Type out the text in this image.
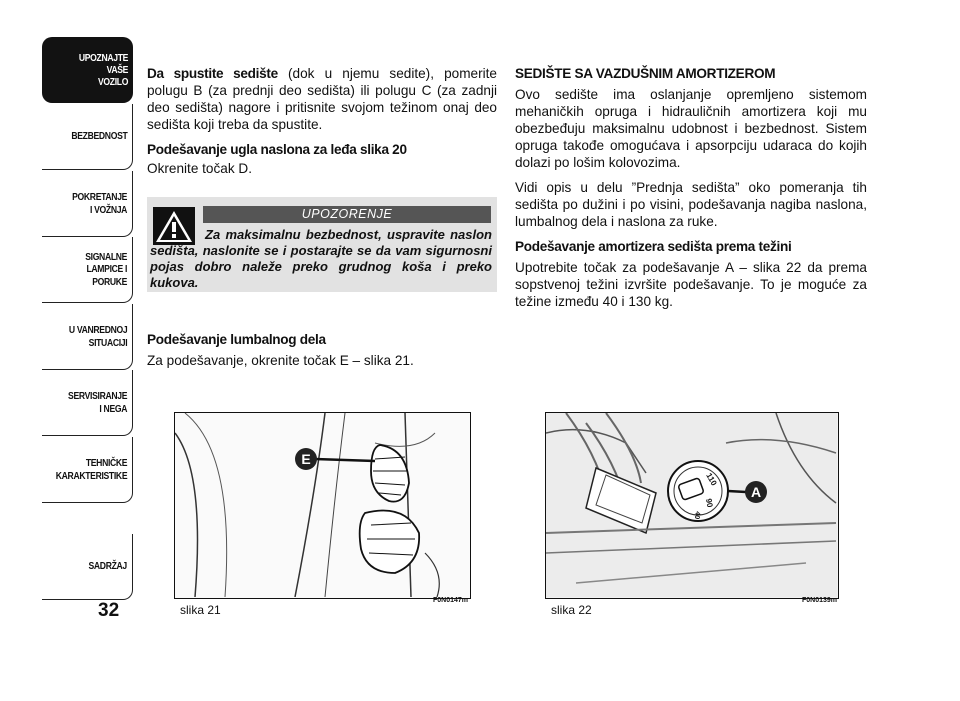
UPOZNAJTE
VAŠE
VOZILO
BEZBEDNOST
POKRETANJE
I VOŽNJA
SIGNALNE
LAMPICE I PORUKE
U VANREDNOJ
SITUACIJI
SERVISIRANJE
I NEGA
TEHNIČKE
KARAKTERISTIKE
SADRŽAJ
32

Da spustite sedište (dok u njemu sedite), pomerite polugu B (za prednji deo sedišta) ili polugu C (za zadnji deo sedišta) nagore i pritisnite svojom težinom onaj deo sedišta koji treba da spustite.

Podešavanje ugla naslona za leđa slika 20

Okrenite točak D.

UPOZORENJE
Za maksimalnu bezbednost, uspravite naslon sedišta, naslonite se i postarajte se da vam sigurnosni pojas dobro naleže preko grudnog koša i preko kukova.

Podešavanje lumbalnog dela

Za podešavanje, okrenite točak E – slika 21.

SEDIŠTE SA VAZDUŠNIM AMORTIZEROM

Ovo sedište ima oslanjanje opremljeno sistemom mehaničkih opruga i hidrauličnih amortizera koji mu obezbeđuju maksimalnu udobnost i bezbednost. Sistem opruga takođe omogućava i apsorpciju udaraca do kojih dolazi po lošim kolovozima.

Vidi opis u delu ”Prednja sedišta” oko pomeranja tih sedišta po dužini i po visini, podešavanja nagiba naslona, lumbalnog dela i naslona za ruke.

Podešavanje amortizera sedišta prema težini

Upotrebite točak za podešavanje A – slika 22 da prema sopstvenoj težini izvršite podešavanje. To je moguće za težine između 40 i 130 kg.

E
slika 21
F0N0147m
110
90
40
A
slika 22
F0N0139m
